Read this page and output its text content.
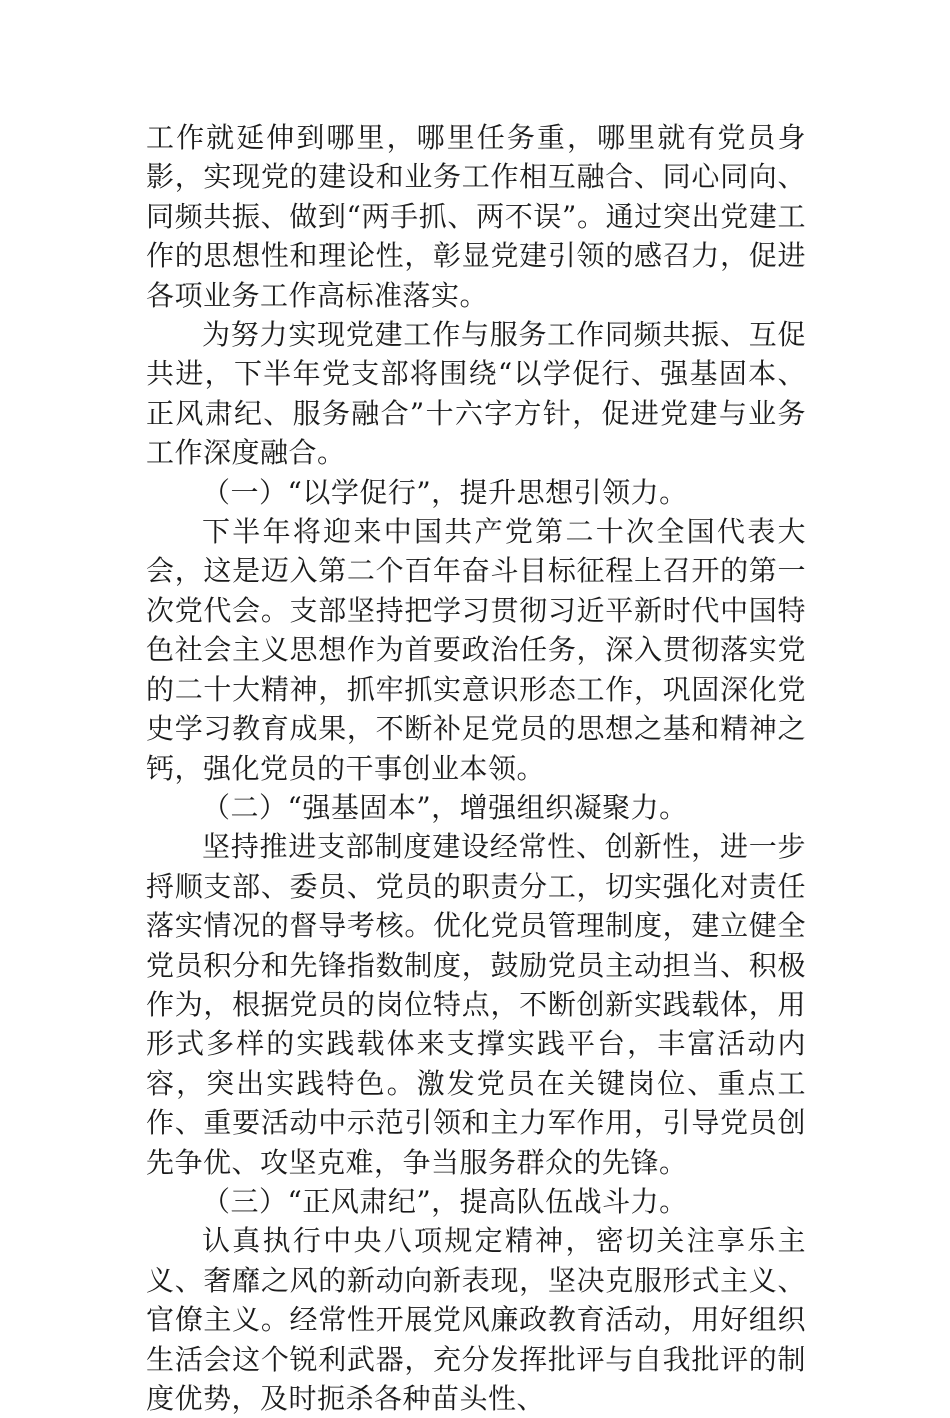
工作就延伸到哪里，哪里任务重，哪里就有党员身影，实现党的建设和业务工作相互融合、同心同向、同频共振、做到“两手抓、两不误”。通过突出党建工作的思想性和理论性，彰显党建引领的感召力，促进各项业务工作高标准落实。

为努力实现党建工作与服务工作同频共振、互促共进，下半年党支部将围绕“以学促行、强基固本、正风肃纪、服务融合”十六字方针，促进党建与业务工作深度融合。

（一）“以学促行”，提升思想引领力。

下半年将迎来中国共产党第二十次全国代表大会，这是迈入第二个百年奋斗目标征程上召开的第一次党代会。支部坚持把学习贯彻习近平新时代中国特色社会主义思想作为首要政治任务，深入贯彻落实党的二十大精神，抓牢抓实意识形态工作，巩固深化党史学习教育成果，不断补足党员的思想之基和精神之钙，强化党员的干事创业本领。

（二）“强基固本”，增强组织凝聚力。

坚持推进支部制度建设经常性、创新性，进一步捋顺支部、委员、党员的职责分工，切实强化对责任落实情况的督导考核。优化党员管理制度，建立健全党员积分和先锋指数制度，鼓励党员主动担当、积极作为，根据党员的岗位特点，不断创新实践载体，用形式多样的实践载体来支撑实践平台，丰富活动内容，突出实践特色。激发党员在关键岗位、重点工作、重要活动中示范引领和主力军作用，引导党员创先争优、攻坚克难，争当服务群众的先锋。

（三）“正风肃纪”，提高队伍战斗力。

认真执行中央八项规定精神，密切关注享乐主义、奢靡之风的新动向新表现，坚决克服形式主义、官僚主义。经常性开展党风廉政教育活动，用好组织生活会这个锐利武器，充分发挥批评与自我批评的制度优势，及时扼杀各种苗头性、
